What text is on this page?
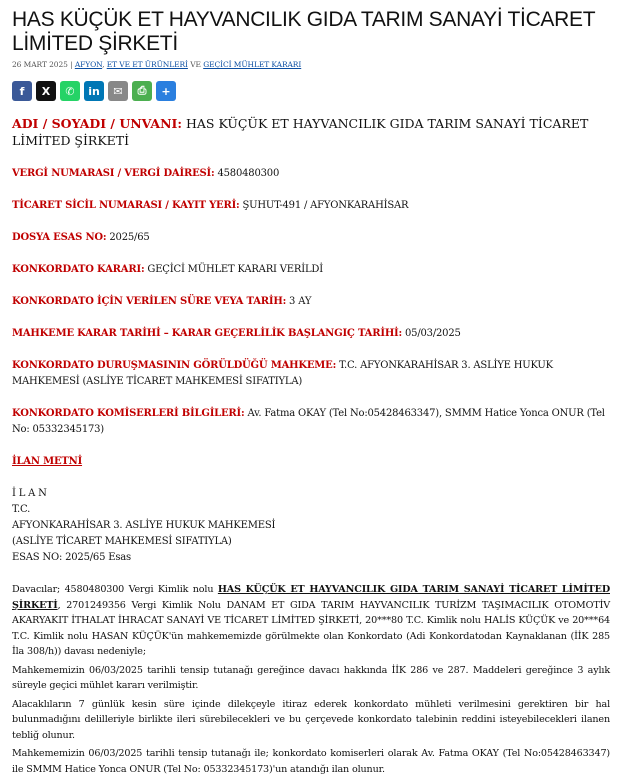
HAS KÜÇÜK ET HAYVANCILIK GIDA TARIM SANAYİ TİCARET LİMİTED ŞİRKETİ
26 MART 2025 | AFYON, ET VE ET ÜRÜNLERİ VE GEÇİCİ MÜHLET KARARI
f	X	✆	in	✉	⎙	+

ADI / SOYADI / UNVANI: HAS KÜÇÜK ET HAYVANCILIK GIDA TARIM SANAYİ TİCARET LİMİTED ŞİRKETİ

VERGİ NUMARASI / VERGİ DAİRESİ: 4580480300

TİCARET SİCİL NUMARASI / KAYIT YERİ: ŞUHUT-491 / AFYONKARAHİSAR

DOSYA ESAS NO: 2025/65

KONKORDATO KARARI: GEÇİCİ MÜHLET KARARI VERİLDİ

KONKORDATO İÇİN VERİLEN SÜRE VEYA TARİH: 3 AY

MAHKEME KARAR TARİHİ – KARAR GEÇERLİLİK BAŞLANGIÇ TARİHİ: 05/03/2025

KONKORDATO DURUŞMASININ GÖRÜLDÜĞÜ MAHKEME: T.C. AFYONKARAHİSAR 3. ASLİYE HUKUK MAHKEMESİ (ASLİYE TİCARET MAHKEMESİ SIFATIYLA)

KONKORDATO KOMİSERLERİ BİLGİLERİ: Av. Fatma OKAY (Tel No:05428463347), SMMM Hatice Yonca ONUR (Tel No: 05332345173)

İLAN METNİ

İ L A N

T.C.

AFYONKARAHİSAR 3. ASLİYE HUKUK MAHKEMESİ

(ASLİYE TİCARET MAHKEMESİ SIFATIYLA)

ESAS NO: 2025/65 Esas

Davacılar; 4580480300 Vergi Kimlik nolu HAS KÜÇÜK ET HAYVANCILIK GIDA TARIM SANAYİ TİCARET LİMİTED ŞİRKETİ, 2701249356 Vergi Kimlik Nolu DANAM ET GIDA TARIM HAYVANCILIK TURİZM TAŞIMACILIK OTOMOTİV AKARYAKIT İTHALAT İHRACAT SANAYİ VE TİCARET LİMİTED ŞİRKETİ, 20***80 T.C. Kimlik nolu HALİS KÜÇÜK ve 20***64 T.C. Kimlik nolu HASAN KÜÇÜK'ün mahkememizde görülmekte olan Konkordato (Adi Konkordatodan Kaynaklanan (İİK 285 İla 308/h)) davası nedeniyle;

Mahkememizin 06/03/2025 tarihli tensip tutanağı gereğince davacı hakkında İİK 286 ve 287. Maddeleri gereğince 3 aylık süreyle geçici mühlet kararı verilmiştir.

Alacaklıların 7 günlük kesin süre içinde dilekçeyle itiraz ederek konkordato mühleti verilmesini gerektiren bir hal bulunmadığını delilleriyle birlikte ileri sürebilecekleri ve bu çerçevede konkordato talebinin reddini isteyebilecekleri ilanen tebliğ olunur.

Mahkememizin 06/03/2025 tarihli tensip tutanağı ile; konkordato komiserleri olarak Av. Fatma OKAY (Tel No:05428463347) ile SMMM Hatice Yonca ONUR (Tel No: 05332345173)'un atandığı ilan olunur.
